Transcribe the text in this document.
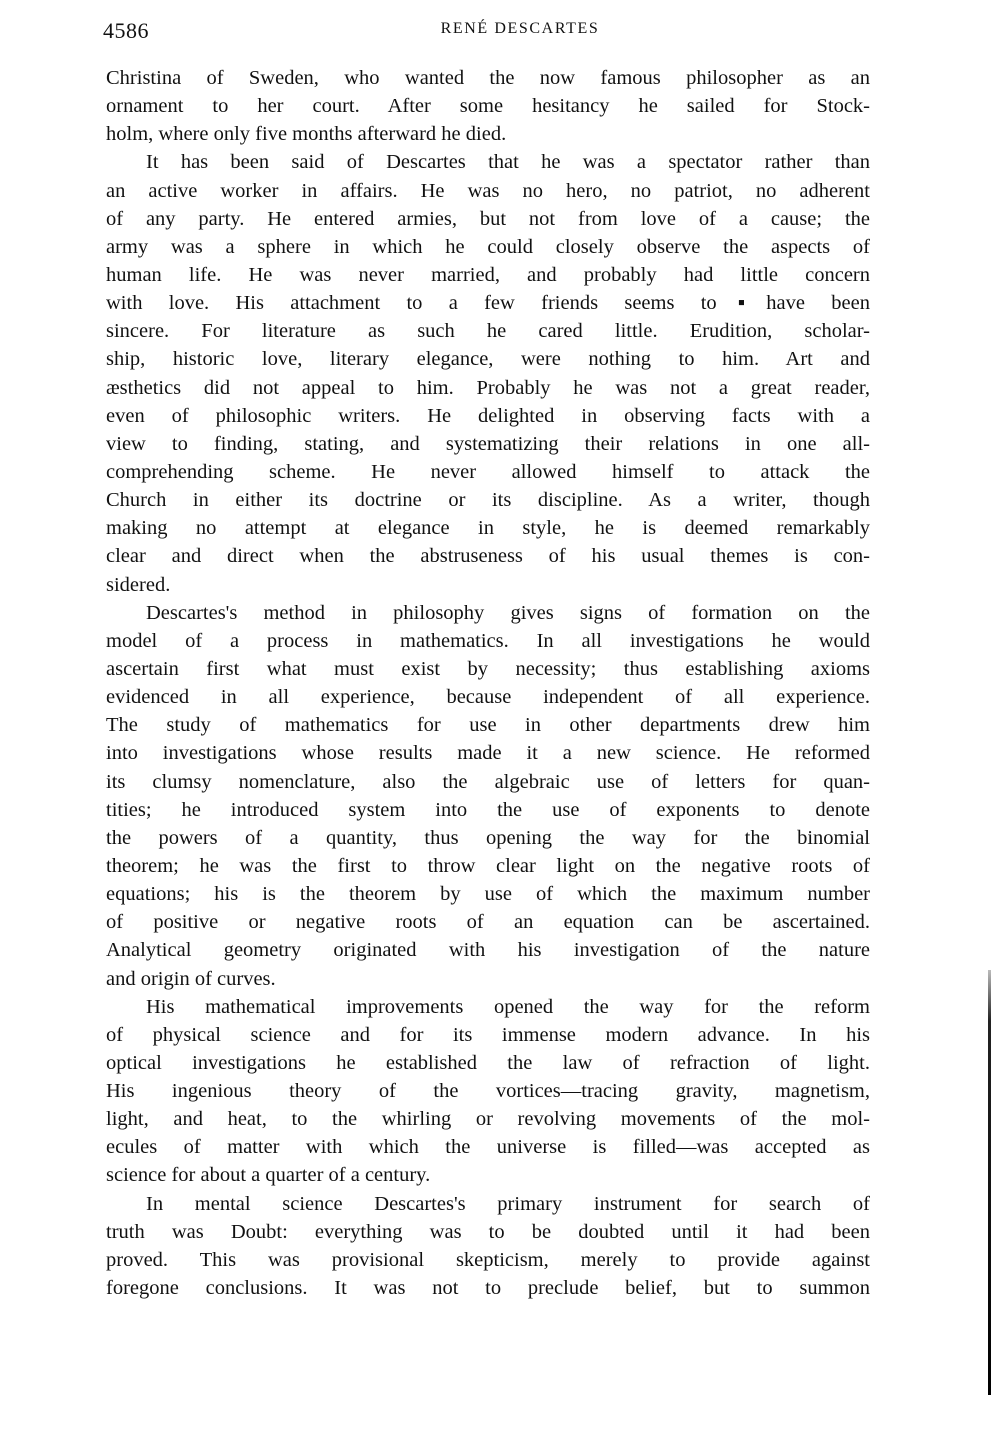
4586	RENÉ DESCARTES
Christina of Sweden, who wanted the now famous philosopher as an
ornament to her court. After some hesitancy he sailed for Stock-
holm, where only five months afterward he died.
It has been said of Descartes that he was a spectator rather than
an active worker in affairs. He was no hero, no patriot, no adherent
of any party. He entered armies, but not from love of a cause; the
army was a sphere in which he could closely observe the aspects of
human life. He was never married, and probably had little concern
with love. His attachment to a few friends seems to▪have been
sincere. For literature as such he cared little. Erudition, scholar-
ship, historic love, literary elegance, were nothing to him. Art and
æsthetics did not appeal to him. Probably he was not a great reader,
even of philosophic writers. He delighted in observing facts with a
view to finding, stating, and systematizing their relations in one all-
comprehending scheme. He never allowed himself to attack the
Church in either its doctrine or its discipline. As a writer, though
making no attempt at elegance in style, he is deemed remarkably
clear and direct when the abstruseness of his usual themes is con-
sidered.
Descartes's method in philosophy gives signs of formation on the
model of a process in mathematics. In all investigations he would
ascertain first what must exist by necessity; thus establishing axioms
evidenced in all experience, because independent of all experience.
The study of mathematics for use in other departments drew him
into investigations whose results made it a new science. He reformed
its clumsy nomenclature, also the algebraic use of letters for quan-
tities; he introduced system into the use of exponents to denote
the powers of a quantity, thus opening the way for the binomial
theorem; he was the first to throw clear light on the negative roots of
equations; his is the theorem by use of which the maximum number
of positive or negative roots of an equation can be ascertained.
Analytical geometry originated with his investigation of the nature
and origin of curves.
His mathematical improvements opened the way for the reform
of physical science and for its immense modern advance. In his
optical investigations he established the law of refraction of light.
His ingenious theory of the vortices—tracing gravity, magnetism,
light, and heat, to the whirling or revolving movements of the mol-
ecules of matter with which the universe is filled—was accepted as
science for about a quarter of a century.
In mental science Descartes's primary instrument for search of
truth was Doubt: everything was to be doubted until it had been
proved. This was provisional skepticism, merely to provide against
foregone conclusions. It was not to preclude belief, but to summon
